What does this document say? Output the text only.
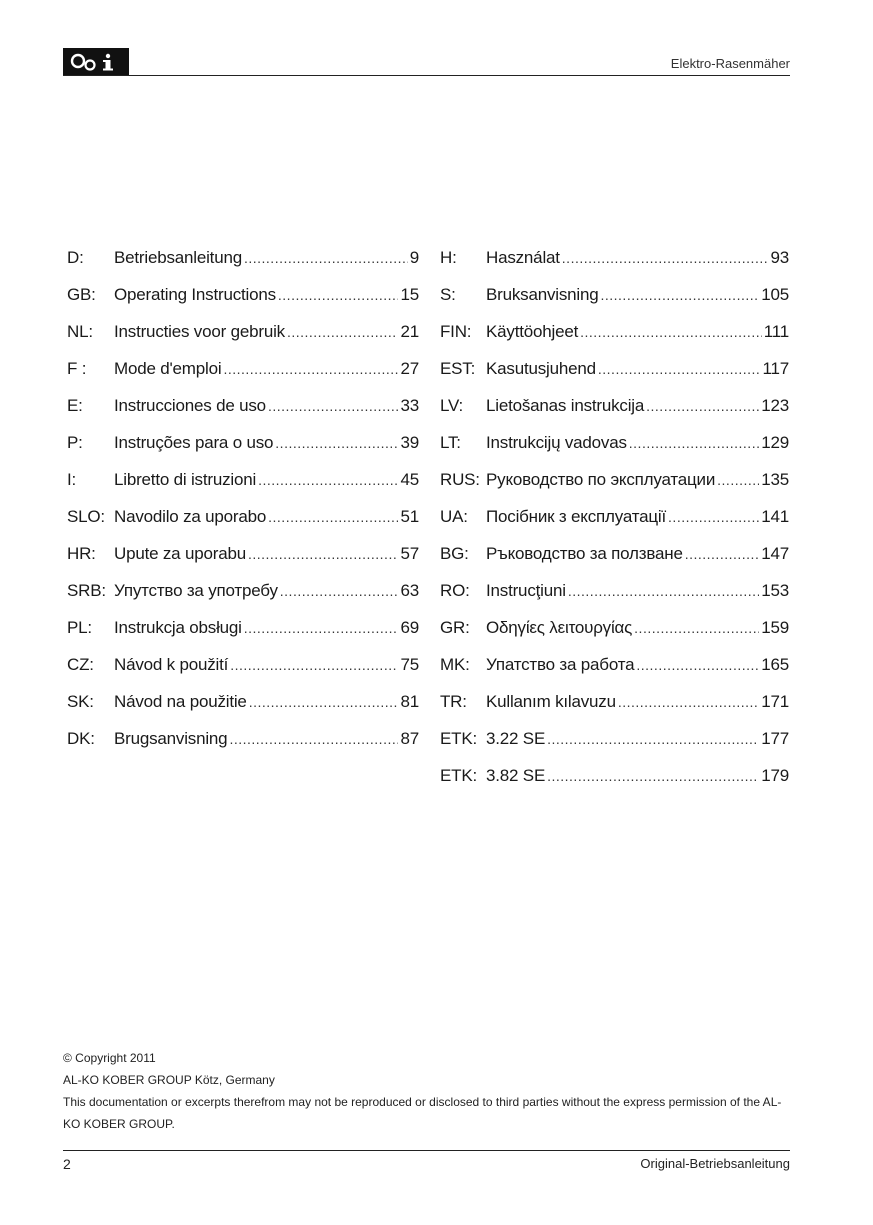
Elektro-Rasenmäher
D:	Betriebsanleitung .....	9
GB:	Operating Instructions .....	15
NL:	Instructies voor gebruik .....	21
F :	Mode d'emploi .....	27
E:	Instrucciones de uso .....	33
P:	Instruções para o uso .....	39
I:	Libretto di istruzioni .....	45
SLO: Navodilo za uporabo .....	51
HR:	Upute za uporabu .....	57
SRB: Упутство за употребу .....	63
PL:	Instrukcja obsługi .....	69
CZ:	Návod k použití .....	75
SK:	Návod na použitie .....	81
DK:	Brugsanvisning .....	87
H:	Használat .....	93
S:	Bruksanvisning .....	105
FIN: Käyttöohjeet .....	111
EST: Kasutusjuhend .....	117
LV:	Lietošanas instrukcija .....	123
LT:	Instrukcijų vadovas .....	129
RUS: Руководство по эксплуатации .....	135
UA:	Посібник з експлуатації .....	141
BG:	Ръководство за ползване .....	147
RO: Instrucţiuni .....	153
GR: Οδηγίες λειτουργίας .....	159
MK: Упатство за работа .....	165
TR:	Kullanım kılavuzu .....	171
ETK: 3.22 SE .....	177
ETK: 3.82 SE .....	179
© Copyright 2011
AL-KO KOBER GROUP Kötz, Germany
This documentation or excerpts therefrom may not be reproduced or disclosed to third parties without the express permission of the AL-KO KOBER GROUP.
2	Original-Betriebsanleitung
